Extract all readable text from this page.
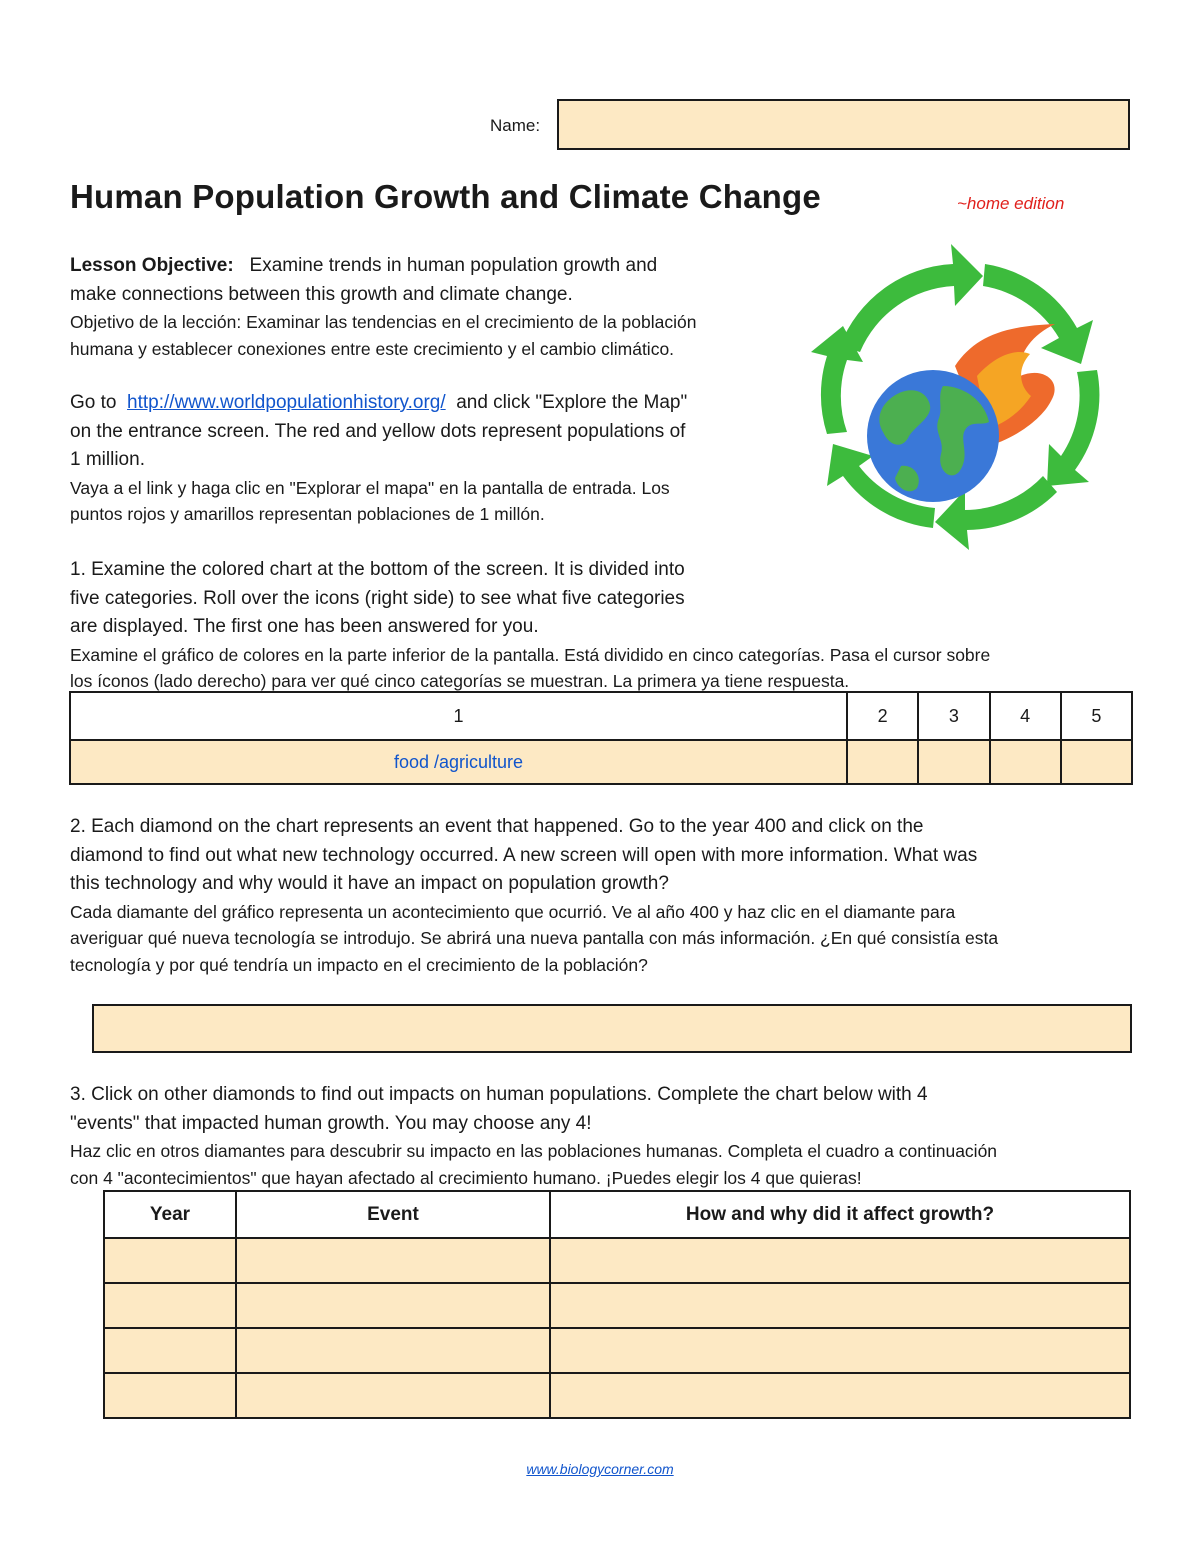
Name:
Human Population Growth and Climate Change	~home edition

Lesson Objective: Examine trends in human population growth and

make connections between this growth and climate change.

Objetivo de la lección: Examinar las tendencias en el crecimiento de la población

humana y establecer conexiones entre este crecimiento y el cambio climático.

Go to http://www.worldpopulationhistory.org/ and click "Explore the Map"

on the entrance screen. The red and yellow dots represent populations of

1 million.

Vaya a el link y haga clic en "Explorar el mapa" en la pantalla de entrada. Los

puntos rojos y amarillos representan poblaciones de 1 millón.

1. Examine the colored chart at the bottom of the screen. It is divided into

five categories. Roll over the icons (right side) to see what five categories

are displayed. The first one has been answered for you.

Examine el gráfico de colores en la parte inferior de la pantalla. Está dividido en cinco categorías. Pasa el cursor sobre

los íconos (lado derecho) para ver qué cinco categorías se muestran. La primera ya tiene respuesta.

1	2	3	4	5
food /agriculture				

2. Each diamond on the chart represents an event that happened. Go to the year 400 and click on the

diamond to find out what new technology occurred. A new screen will open with more information. What was

this technology and why would it have an impact on population growth?

Cada diamante del gráfico representa un acontecimiento que ocurrió. Ve al año 400 y haz clic en el diamante para

averiguar qué nueva tecnología se introdujo. Se abrirá una nueva pantalla con más información. ¿En qué consistía esta

tecnología y por qué tendría un impacto en el crecimiento de la población?

3. Click on other diamonds to find out impacts on human populations. Complete the chart below with 4

"events" that impacted human growth. You may choose any 4!

Haz clic en otros diamantes para descubrir su impacto en las poblaciones humanas. Completa el cuadro a continuación

con 4 "acontecimientos" que hayan afectado al crecimiento humano. ¡Puedes elegir los 4 que quieras!

Year	Event	How and why did it affect growth?

www.biologycorner.com
